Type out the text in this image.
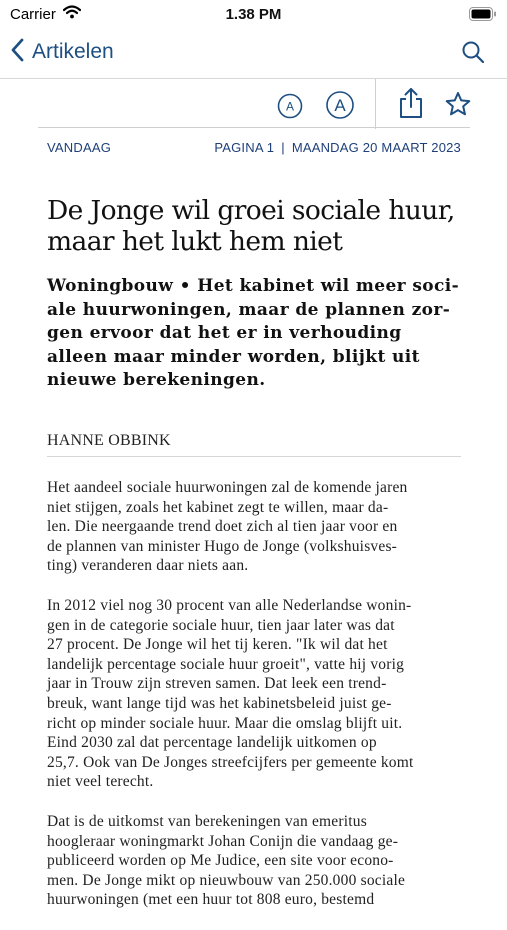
Carrier	1.38 PM
Artikelen
A A
VANDAAG	PAGINA 1 | MAANDAG 20 MAART 2023
De Jonge wil groei sociale huur, maar het lukt hem niet

Woningbouw • Het kabinet wil meer sociale huurwoningen, maar de plannen zorgen ervoor dat het er in verhouding alleen maar minder worden, blijkt uit nieuwe berekeningen.

HANNE OBBINK

Het aandeel sociale huurwoningen zal de komende jaren
niet stijgen, zoals het kabinet zegt te willen, maar da-
len. Die neergaande trend doet zich al tien jaar voor en
de plannen van minister Hugo de Jonge (volkshuisves-
ting) veranderen daar niets aan.

In 2012 viel nog 30 procent van alle Nederlandse wonin-
gen in de categorie sociale huur, tien jaar later was dat
27 procent. De Jonge wil het tij keren. "Ik wil dat het
landelijk percentage sociale huur groeit", vatte hij vorig
jaar in Trouw zijn streven samen. Dat leek een trend-
breuk, want lange tijd was het kabinetsbeleid juist ge-
richt op minder sociale huur. Maar die omslag blijft uit.
Eind 2030 zal dat percentage landelijk uitkomen op
25,7. Ook van De Jonges streefcijfers per gemeente komt
niet veel terecht.

Dat is de uitkomst van berekeningen van emeritus
hoogleraar woningmarkt Johan Conijn die vandaag ge-
publiceerd worden op Me Judice, een site voor econo-
men. De Jonge mikt op nieuwbouw van 250.000 sociale
huurwoningen (met een huur tot 808 euro, bestemd
